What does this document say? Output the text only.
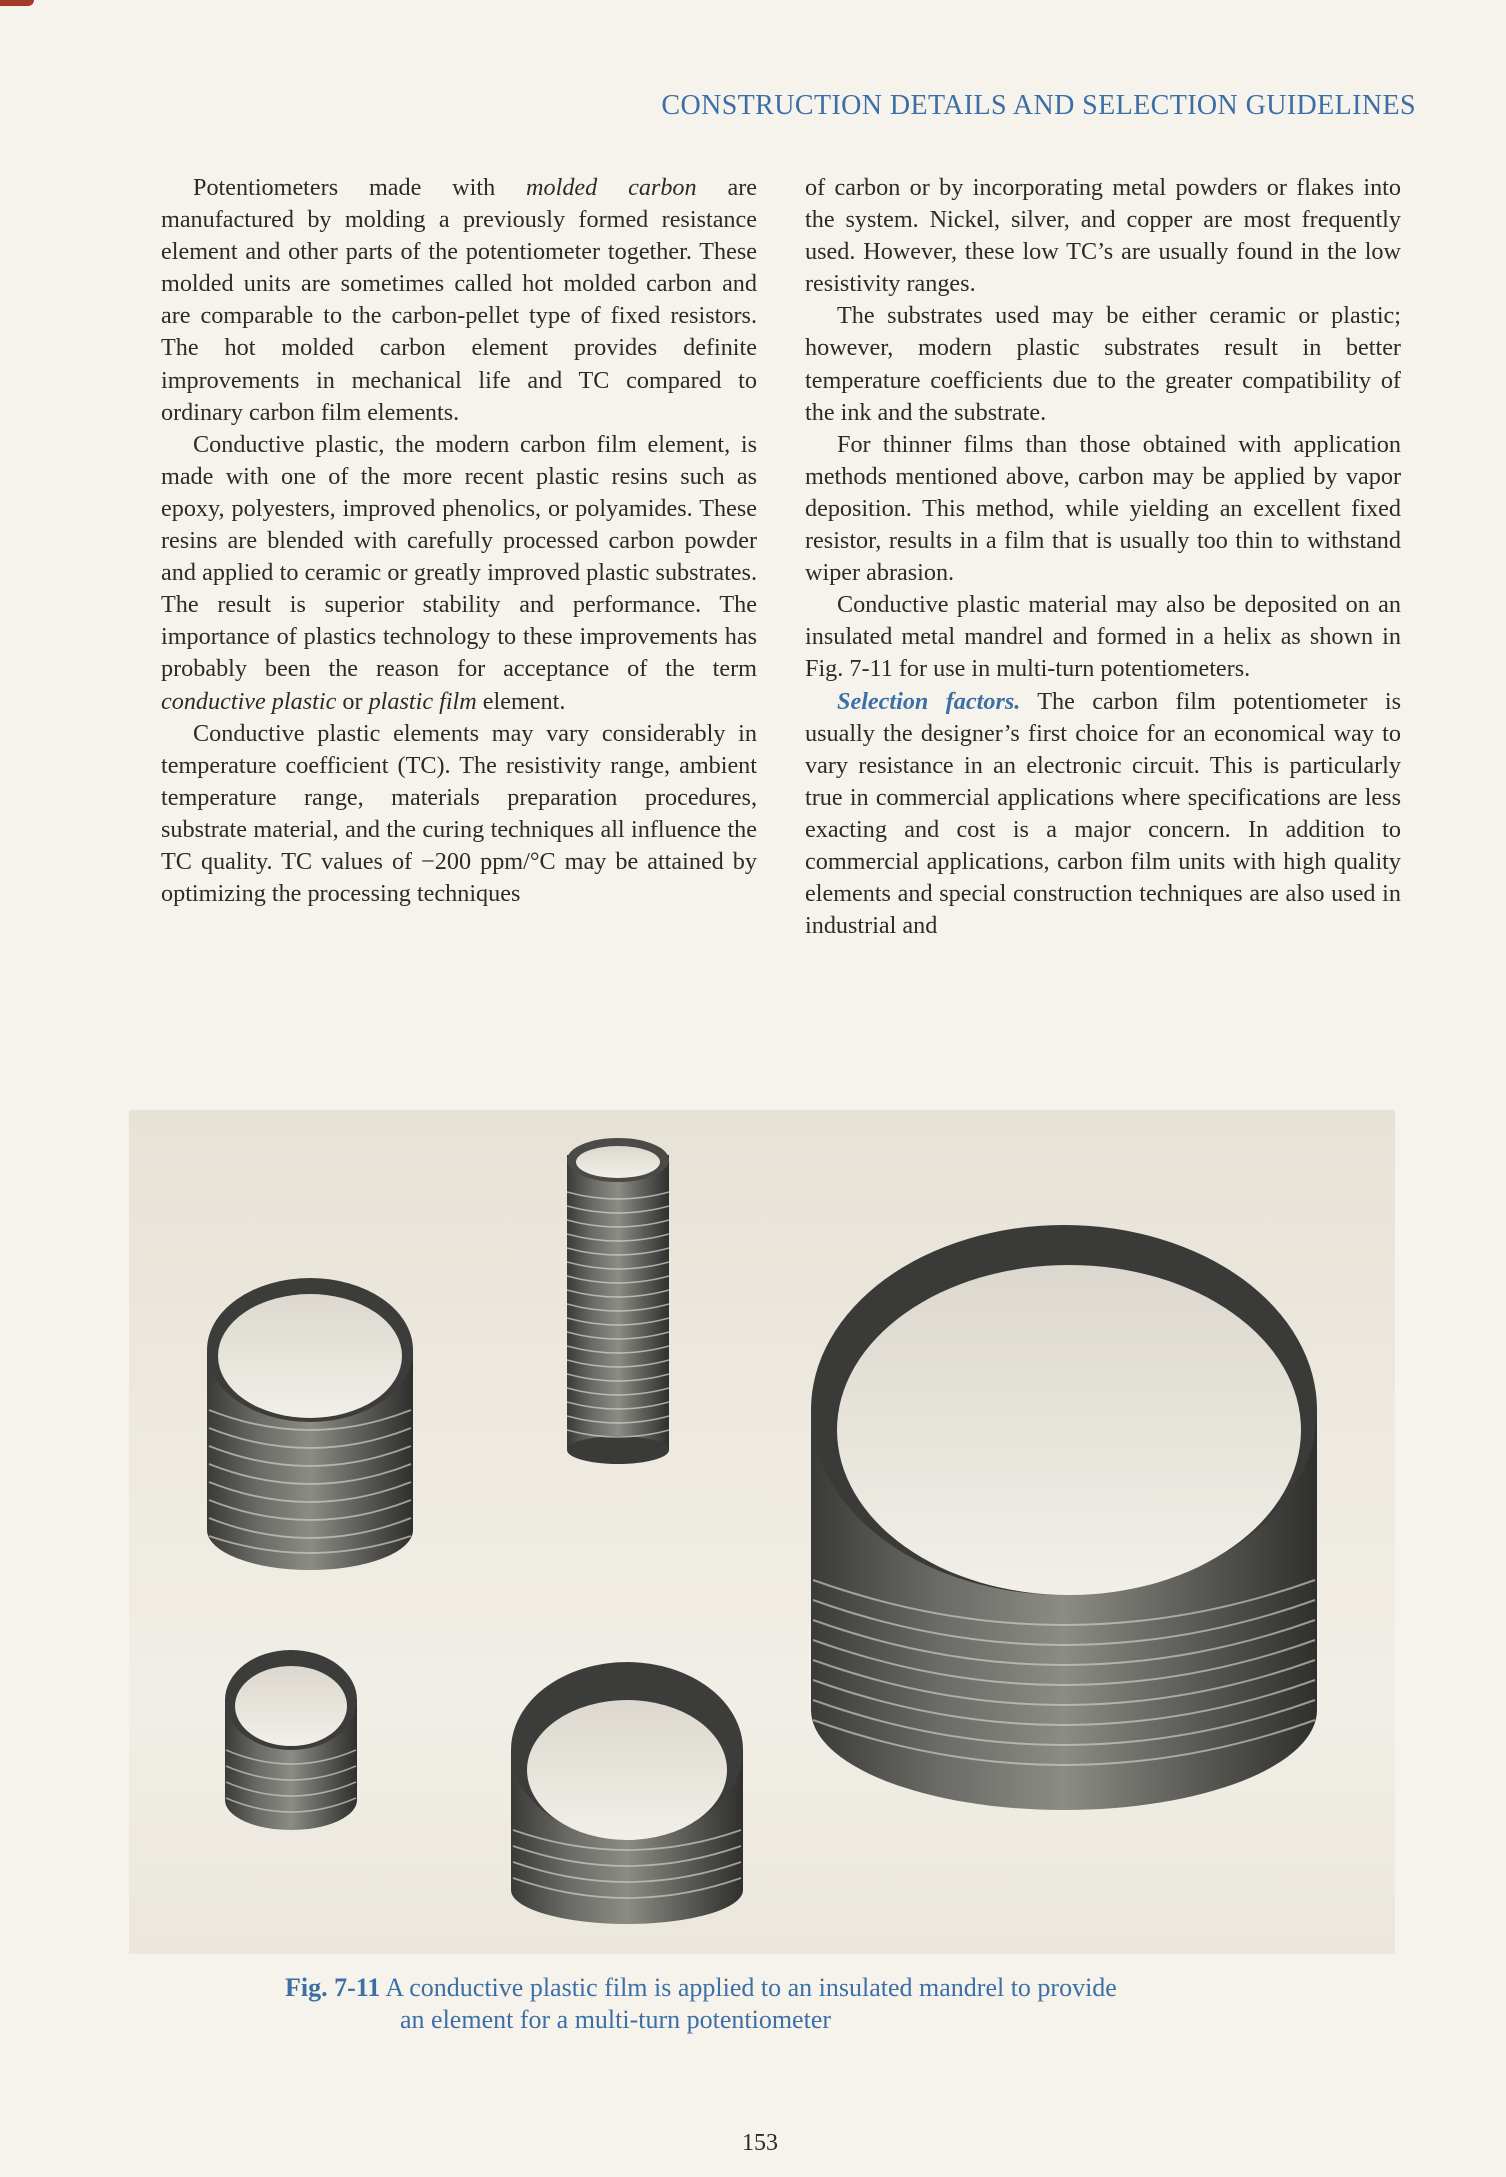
CONSTRUCTION DETAILS AND SELECTION GUIDELINES

Potentiometers made with molded carbon are manufactured by molding a previously formed resistance element and other parts of the potentiometer together. These molded units are sometimes called hot molded carbon and are comparable to the carbon-pellet type of fixed resistors. The hot molded carbon element provides definite improvements in mechanical life and TC compared to ordinary carbon film elements.

Conductive plastic, the modern carbon film element, is made with one of the more recent plastic resins such as epoxy, polyesters, improved phenolics, or polyamides. These resins are blended with carefully processed carbon powder and applied to ceramic or greatly improved plastic substrates. The result is superior stability and performance. The importance of plastics technology to these improvements has probably been the reason for acceptance of the term conductive plastic or plastic film element.

Conductive plastic elements may vary considerably in temperature coefficient (TC). The resistivity range, ambient temperature range, materials preparation procedures, substrate material, and the curing techniques all influence the TC quality. TC values of −200 ppm/°C may be attained by optimizing the processing techniques

of carbon or by incorporating metal powders or flakes into the system. Nickel, silver, and copper are most frequently used. However, these low TC’s are usually found in the low resistivity ranges.

The substrates used may be either ceramic or plastic; however, modern plastic substrates result in better temperature coefficients due to the greater compatibility of the ink and the substrate.

For thinner films than those obtained with application methods mentioned above, carbon may be applied by vapor deposition. This method, while yielding an excellent fixed resistor, results in a film that is usually too thin to withstand wiper abrasion.

Conductive plastic material may also be deposited on an insulated metal mandrel and formed in a helix as shown in Fig. 7-11 for use in multi-turn potentiometers.

Selection factors. The carbon film potentiometer is usually the designer’s first choice for an economical way to vary resistance in an electronic circuit. This is particularly true in commercial applications where specifications are less exacting and cost is a major concern. In addition to commercial applications, carbon film units with high quality elements and special construction techniques are also used in industrial and

Fig. 7-11 A conductive plastic film is applied to an insulated mandrel to provide
an element for a multi-turn potentiometer
153
